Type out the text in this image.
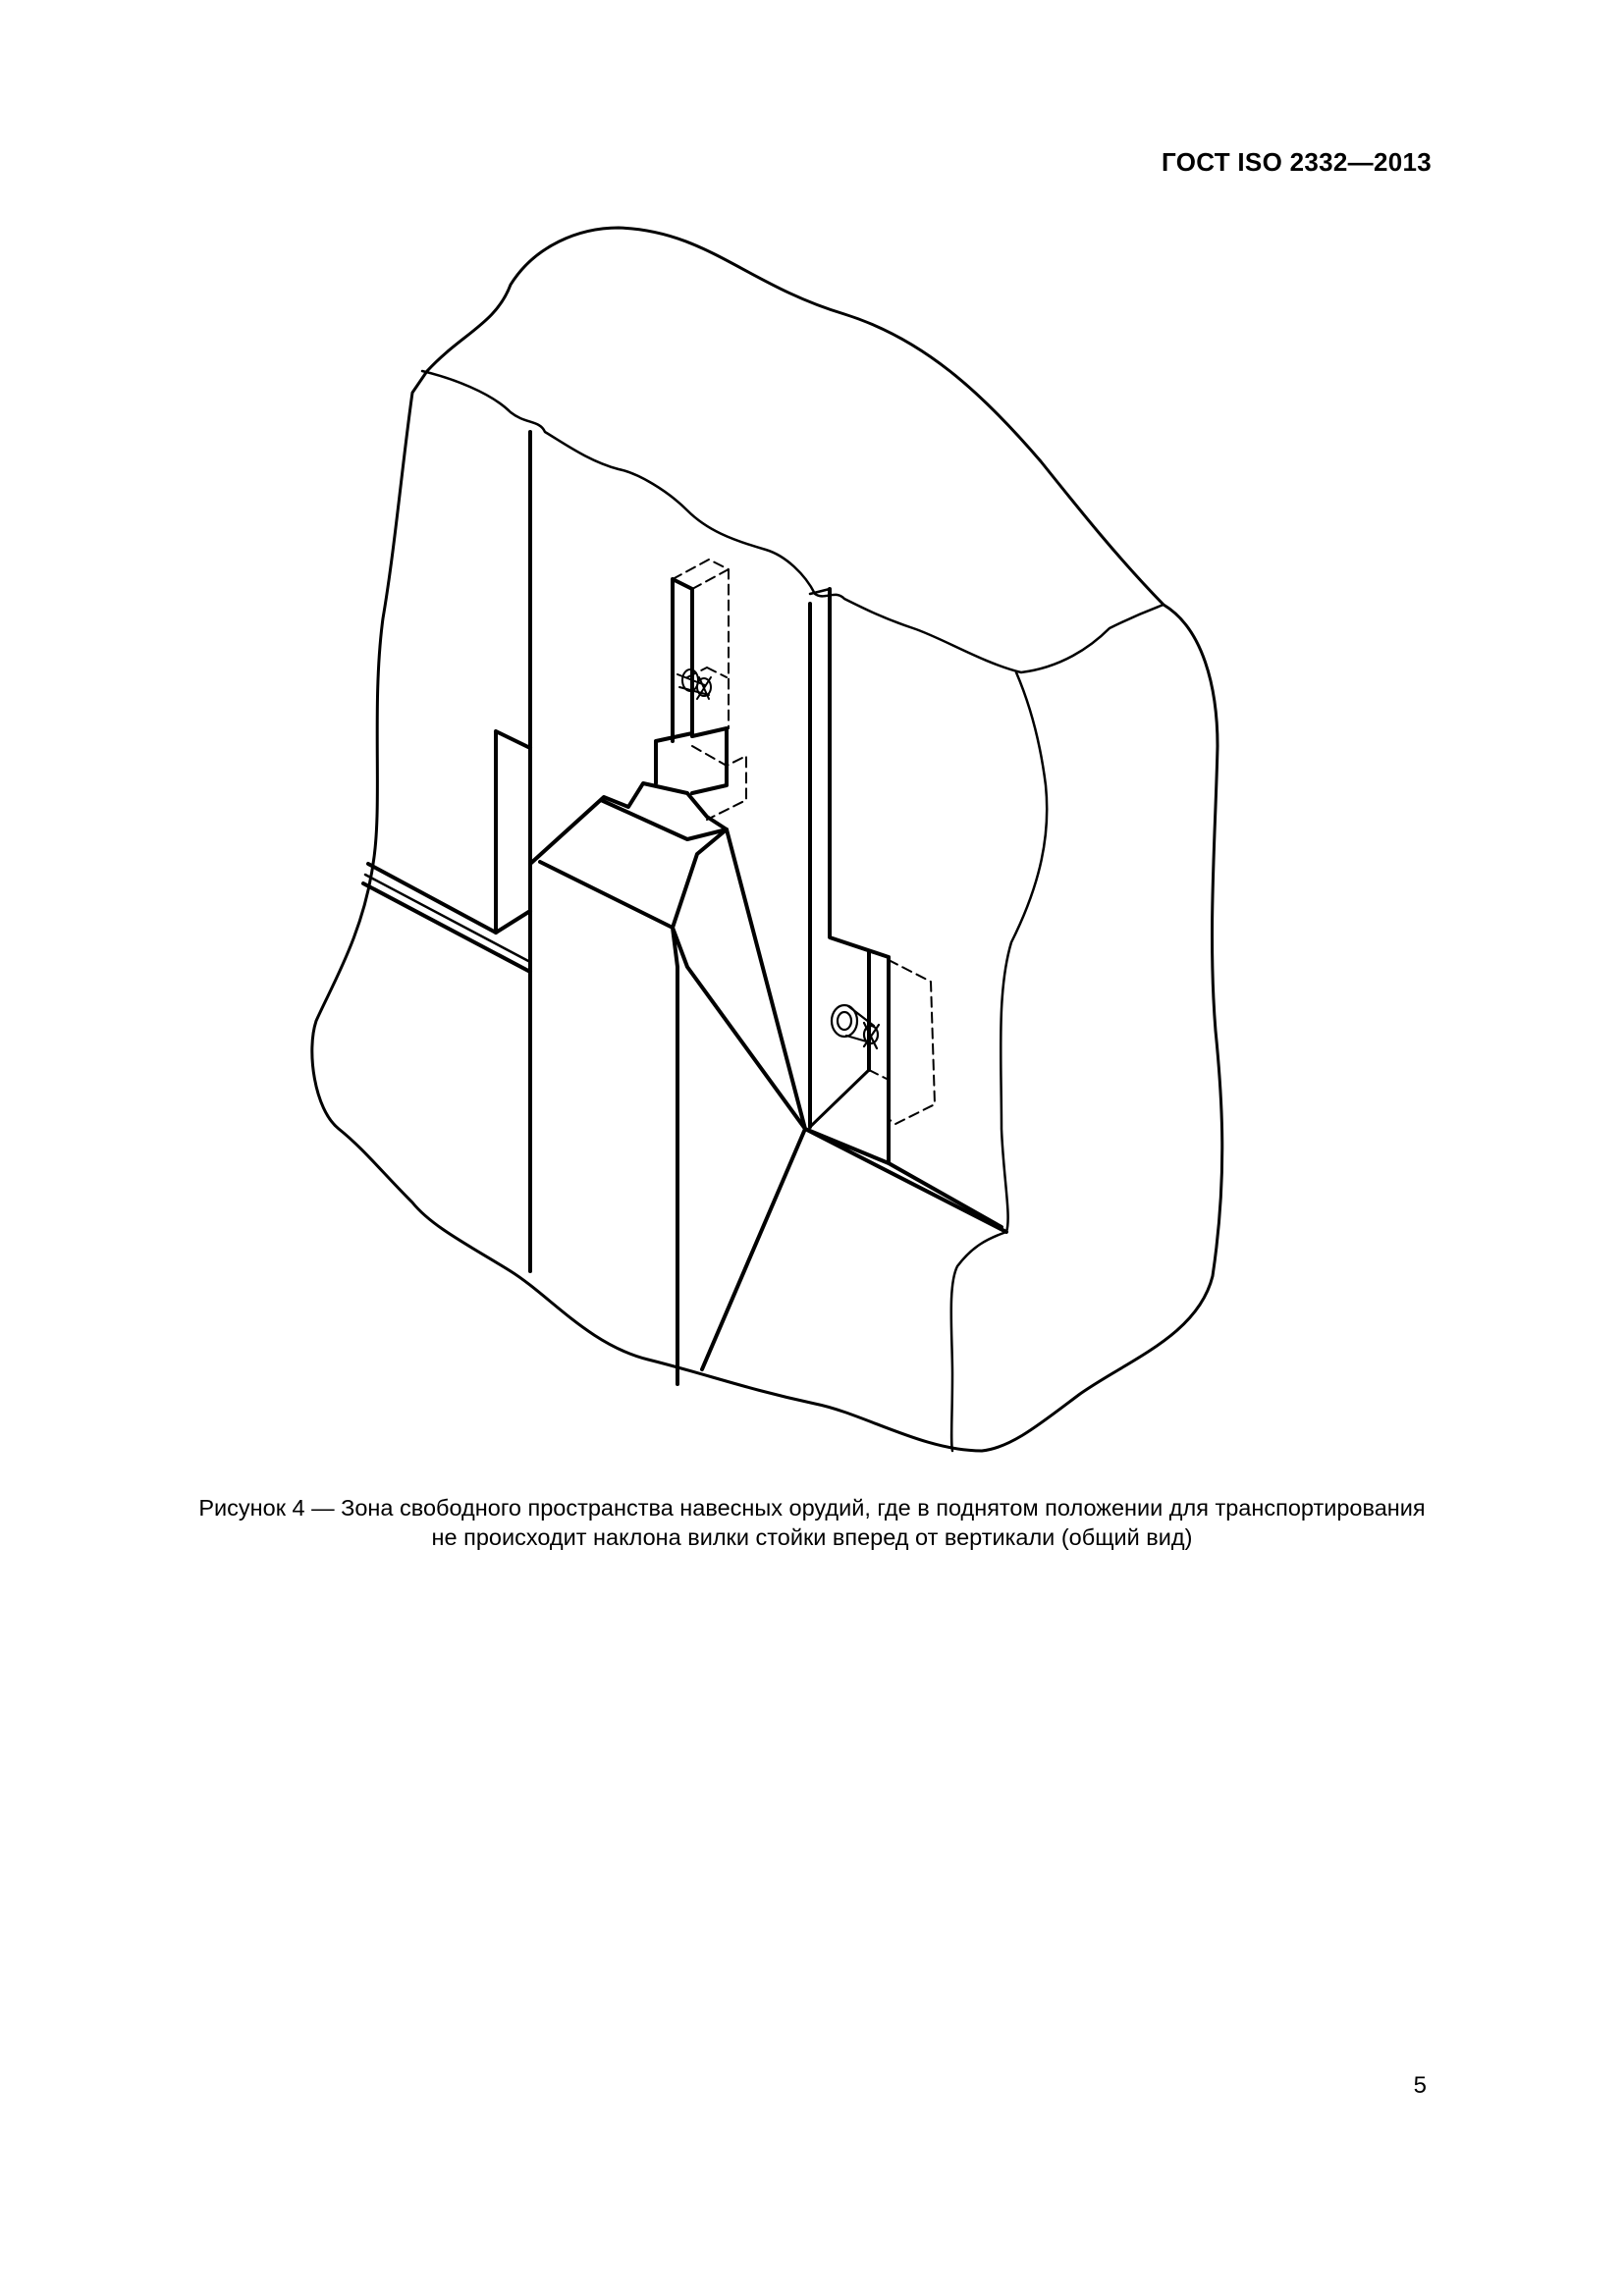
ГОСТ ISO 2332—2013
Рисунок 4 — Зона свободного пространства навесных орудий, где в поднятом положении для транспортирования
не происходит наклона вилки стойки вперед от вертикали (общий вид)
5
